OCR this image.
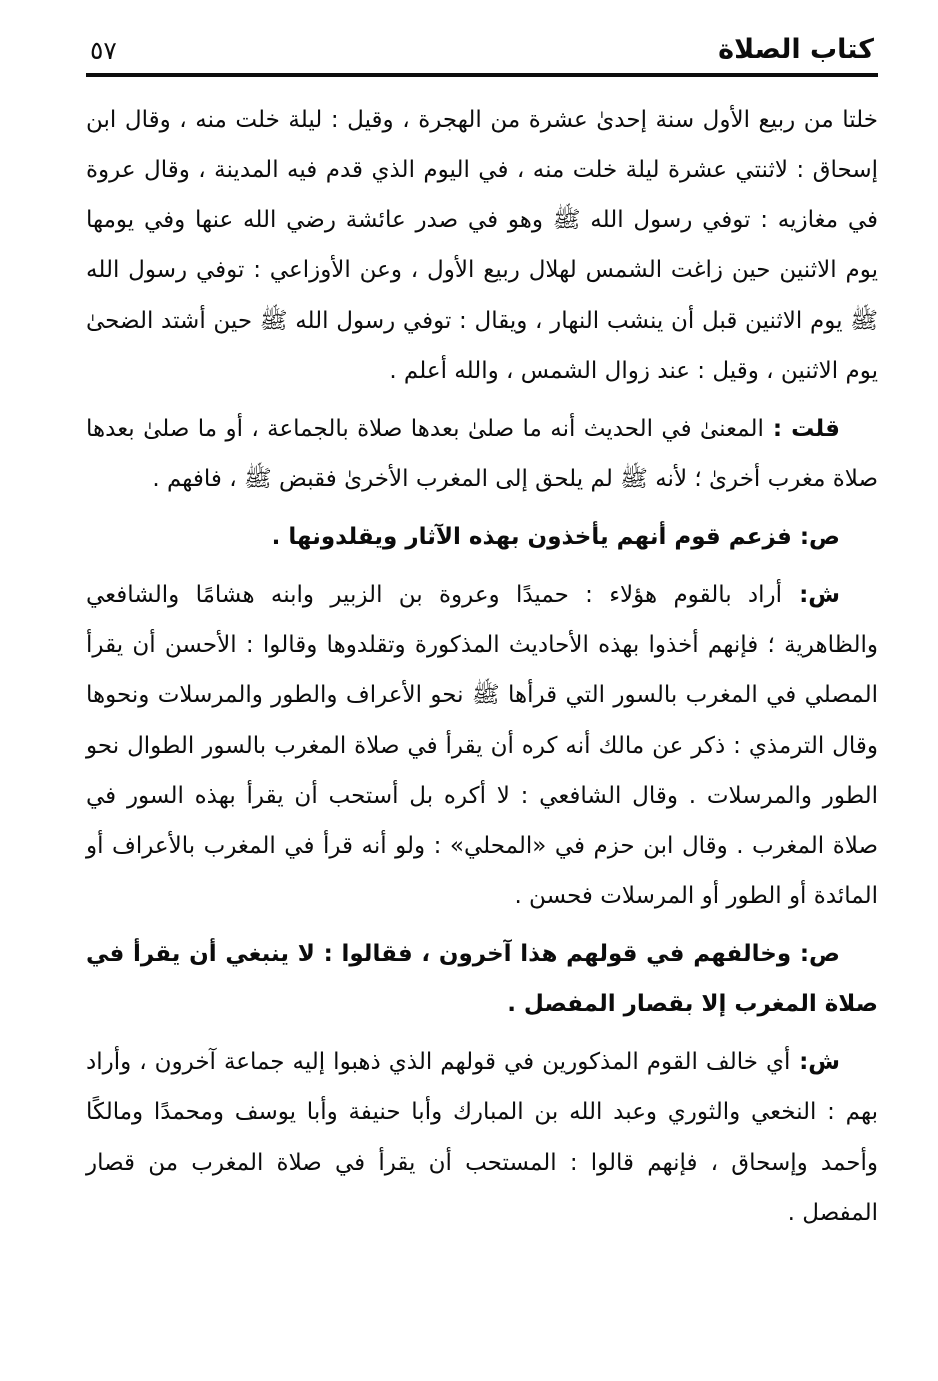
كتاب الصلاة
٥٧

خلتا من ربيع الأول سنة إحدىٰ عشرة من الهجرة ، وقيل : ليلة خلت منه ، وقال ابن إسحاق : لاثنتي عشرة ليلة خلت منه ، في اليوم الذي قدم فيه المدينة ، وقال عروة في مغازيه : توفي رسول الله ﷺ وهو في صدر عائشة رضي الله عنها وفي يومها يوم الاثنين حين زاغت الشمس لهلال ربيع الأول ، وعن الأوزاعي : توفي رسول الله ﷺ يوم الاثنين قبل أن ينشب النهار ، ويقال : توفي رسول الله ﷺ حين أشتد الضحىٰ يوم الاثنين ، وقيل : عند زوال الشمس ، والله أعلم .

قلت :المعنىٰ في الحديث أنه ما صلىٰ بعدها صلاة بالجماعة ، أو ما صلىٰ بعدها صلاة مغرب أخرىٰ ؛ لأنه ﷺ لم يلحق إلى المغرب الأخرىٰ فقبض ﷺ ، فافهم .

ص:فزعم قوم أنهم يأخذون بهذه الآثار ويقلدونها .

ش:أراد بالقوم هؤلاء : حميدًا وعروة بن الزبير وابنه هشامًا والشافعي والظاهرية ؛ فإنهم أخذوا بهذه الأحاديث المذكورة وتقلدوها وقالوا : الأحسن أن يقرأ المصلي في المغرب بالسور التي قرأها ﷺ نحو الأعراف والطور والمرسلات ونحوها وقال الترمذي : ذكر عن مالك أنه كره أن يقرأ في صلاة المغرب بالسور الطوال نحو الطور والمرسلات . وقال الشافعي : لا أكره بل أستحب أن يقرأ بهذه السور في صلاة المغرب . وقال ابن حزم في «المحلي» : ولو أنه قرأ في المغرب بالأعراف أو المائدة أو الطور أو المرسلات فحسن .

ص:وخالفهم في قولهم هذا آخرون ، فقالوا : لا ينبغي أن يقرأ في صلاة المغرب إلا بقصار المفصل .

ش:أي خالف القوم المذكورين في قولهم الذي ذهبوا إليه جماعة آخرون ، وأراد بهم : النخعي والثوري وعبد الله بن المبارك وأبا حنيفة وأبا يوسف ومحمدًا ومالكًا وأحمد وإسحاق ، فإنهم قالوا : المستحب أن يقرأ في صلاة المغرب من قصار المفصل .
